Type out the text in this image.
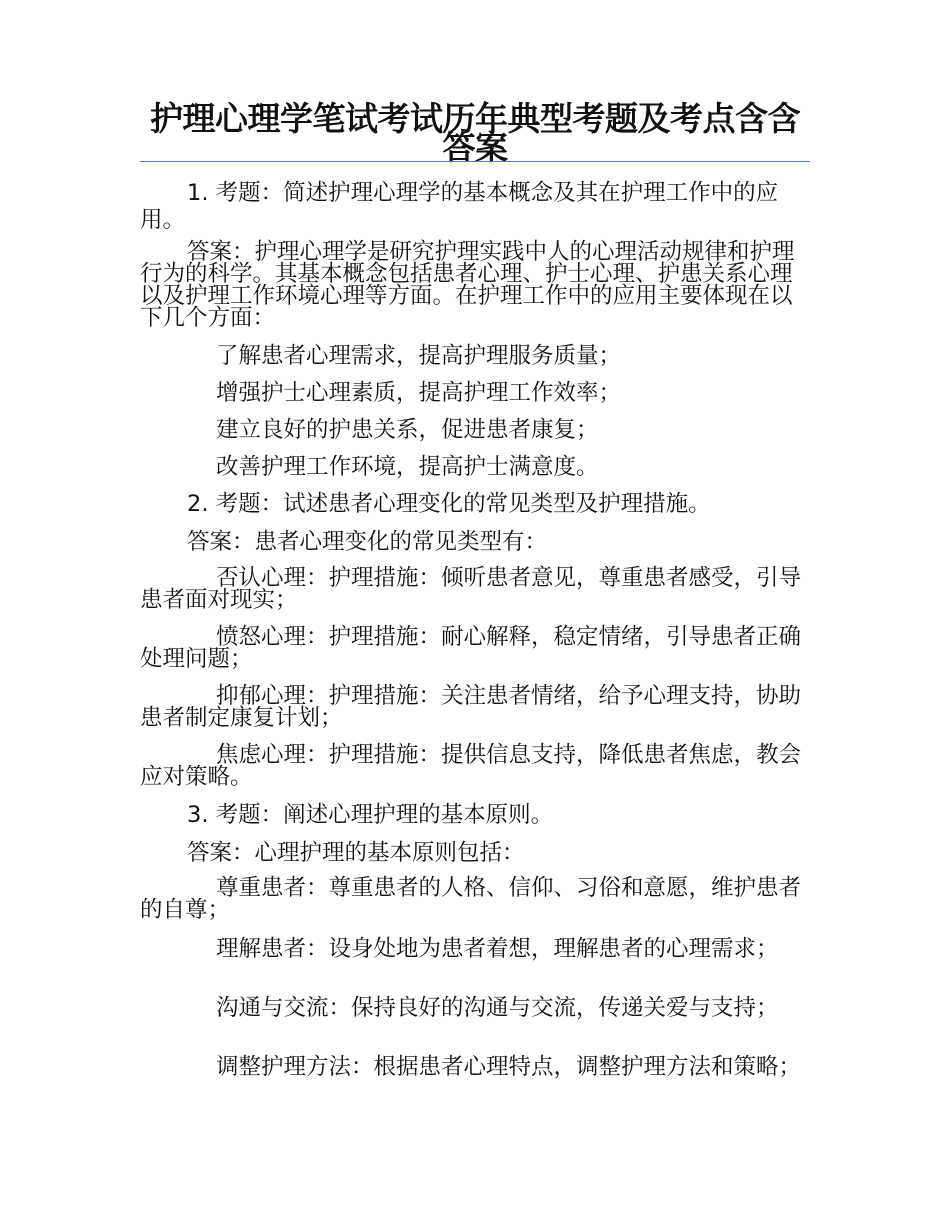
护理心理学笔试考试历年典型考题及考点含含答案

1. 考题：简述护理心理学的基本概念及其在护理工作中的应用。

答案：护理心理学是研究护理实践中人的心理活动规律和护理行为的科学。其基本概念包括患者心理、护士心理、护患关系心理以及护理工作环境心理等方面。在护理工作中的应用主要体现在以下几个方面：

了解患者心理需求，提高护理服务质量；

增强护士心理素质，提高护理工作效率；

建立良好的护患关系，促进患者康复；

改善护理工作环境，提高护士满意度。

2. 考题：试述患者心理变化的常见类型及护理措施。

答案：患者心理变化的常见类型有：

否认心理：护理措施：倾听患者意见，尊重患者感受，引导患者面对现实；

愤怒心理：护理措施：耐心解释，稳定情绪，引导患者正确处理问题；

抑郁心理：护理措施：关注患者情绪，给予心理支持，协助患者制定康复计划；

焦虑心理：护理措施：提供信息支持，降低患者焦虑，教会应对策略。

3. 考题：阐述心理护理的基本原则。

答案：心理护理的基本原则包括：

尊重患者：尊重患者的人格、信仰、习俗和意愿，维护患者的自尊；

理解患者：设身处地为患者着想，理解患者的心理需求；

沟通与交流：保持良好的沟通与交流，传递关爱与支持；

调整护理方法：根据患者心理特点，调整护理方法和策略；
